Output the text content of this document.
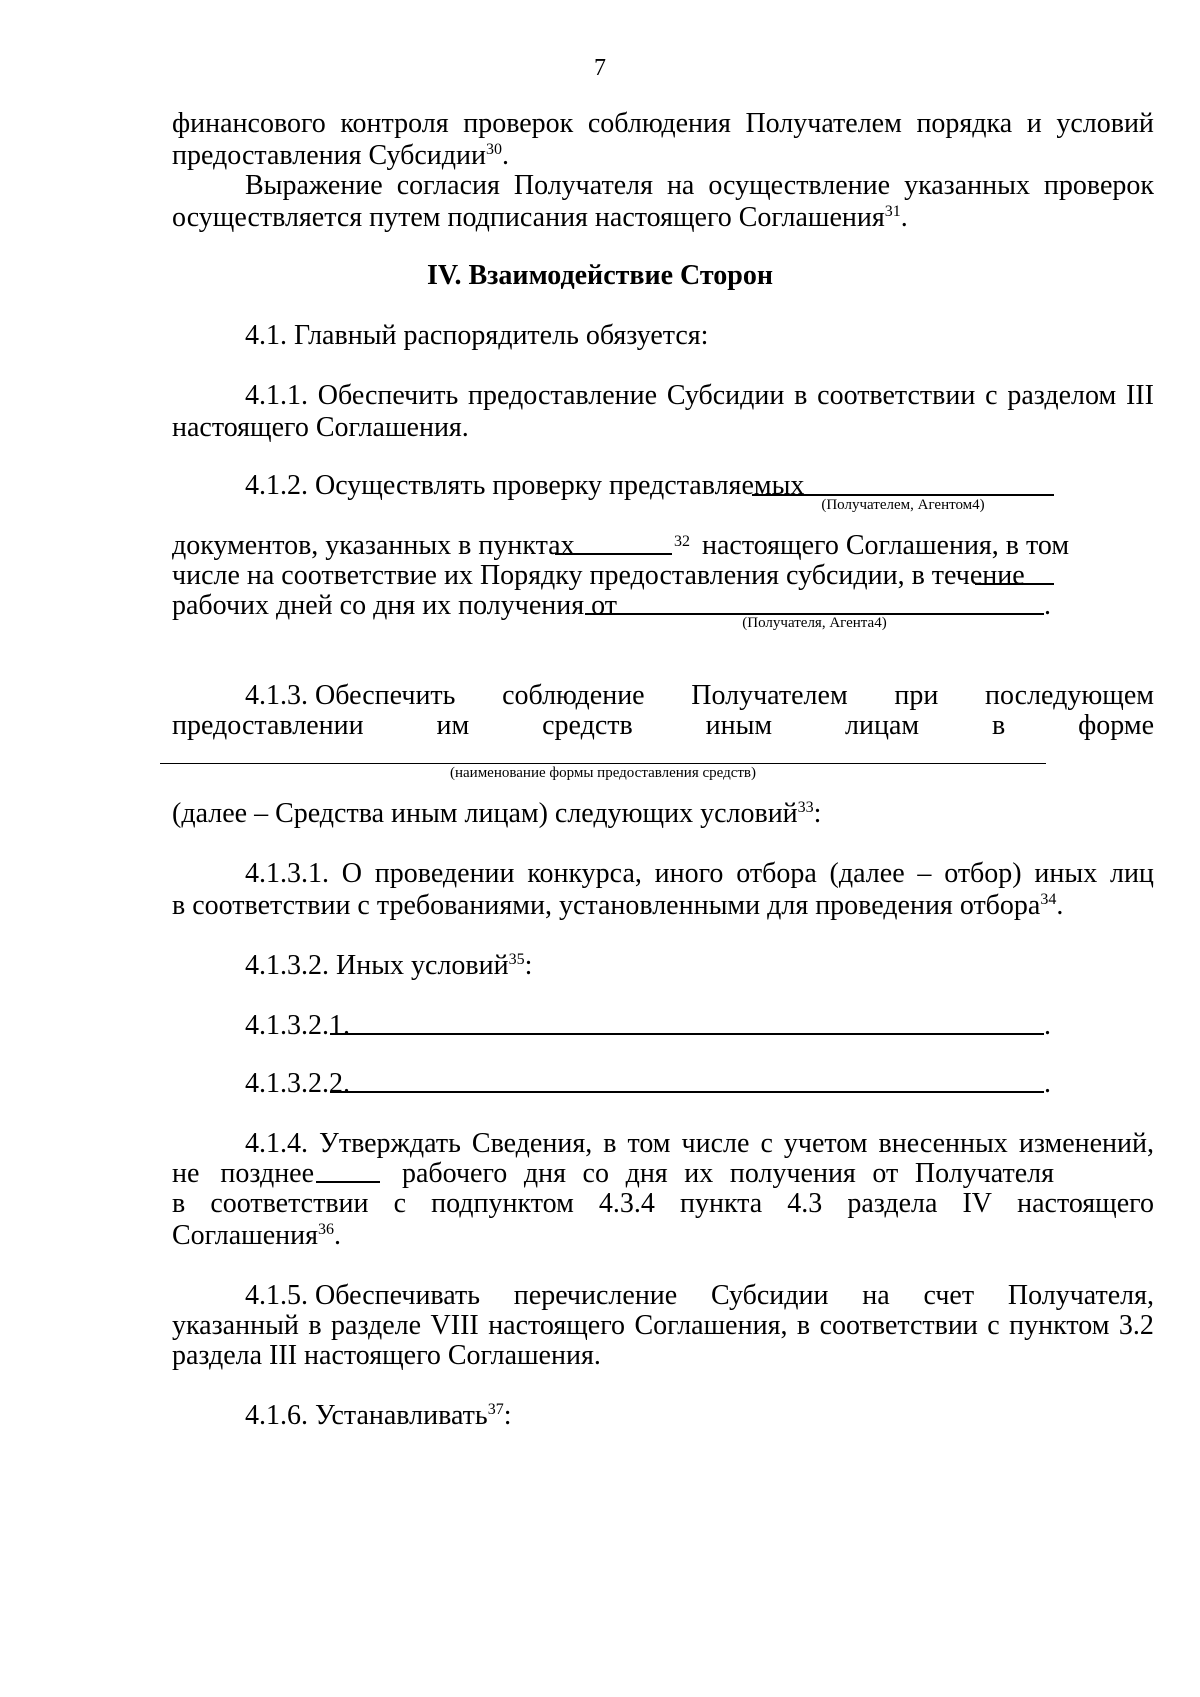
7
финансового контроля проверок соблюдения Получателем порядка и условий
предоставления Субсидии$^{30}$.
Выражение согласия Получателя на осуществление указанных проверок
осуществляется путем подписания настоящего Соглашения$^{31}$.
IV. Взаимодействие Сторон
4.1. Главный распорядитель обязуется:
4.1.1. Обеспечить предоставление Субсидии в соответствии с разделом III
настоящего Соглашения.
4.1.2. Осуществлять проверку представляемых
(Получателем, Агентом4)
документов, указанных в пунктах	32 настоящего Соглашения, в том
числе на соответствие их Порядку предоставления субсидии, в течение
рабочих дней со дня их получения от	.
(Получателя, Агента4)
4.1.3. Обеспечить соблюдение Получателем при последующем
предоставлении	им	средств	иным	лицам	в	форме
(наименование формы предоставления средств)
(далее – Средства иным лицам) следующих условий$^{33}$:
4.1.3.1. О проведении конкурса, иного отбора (далее – отбор) иных лиц
в соответствии с требованиями, установленными для проведения отбора$^{34}$.
4.1.3.2. Иных условий$^{35}$:
4.1.3.2.1.	.
4.1.3.2.2.	.
4.1.4. Утверждать Сведения, в том числе с учетом внесенных изменений,
не позднее	рабочего дня со дня их получения от Получателя
в соответствии с подпунктом 4.3.4 пункта 4.3 раздела IV настоящего
Соглашения$^{36}$.
4.1.5. Обеспечивать перечисление Субсидии на счет Получателя,
указанный в разделе VIII настоящего Соглашения, в соответствии с пунктом 3.2
раздела III настоящего Соглашения.
4.1.6. Устанавливать$^{37}$:
